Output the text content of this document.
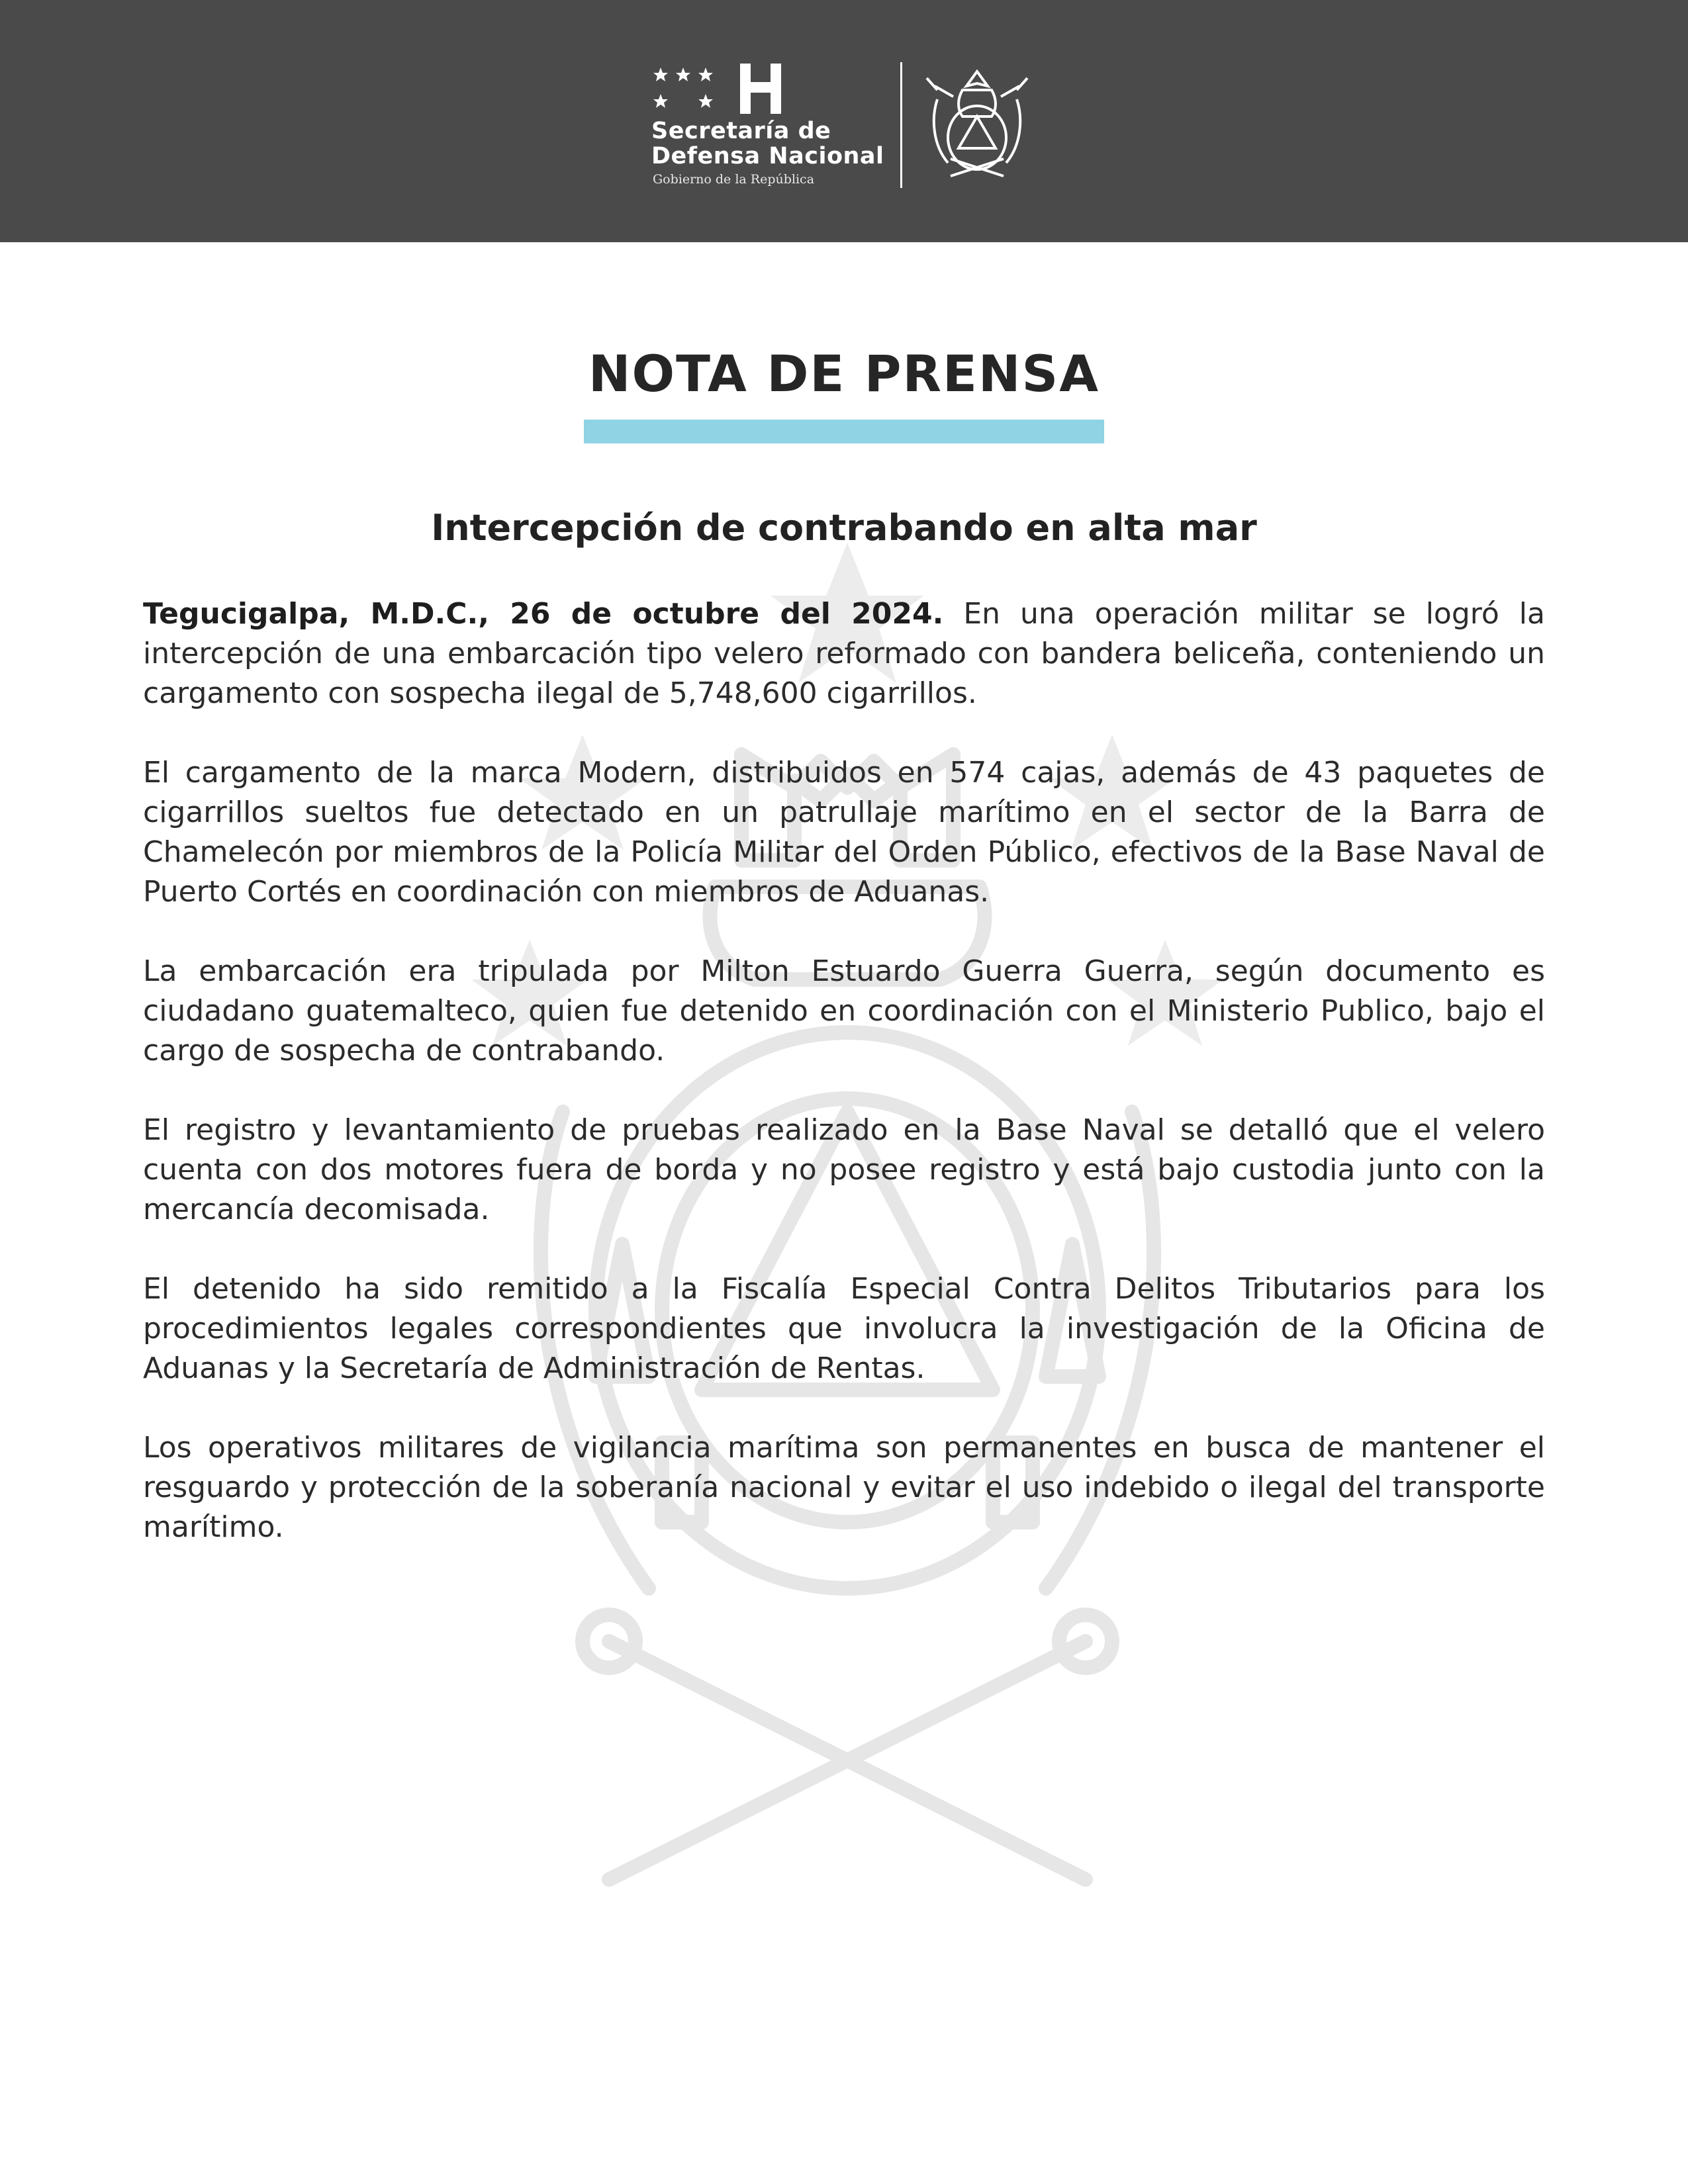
Secretaría de
Defensa Nacional
Gobierno de la República
NOTA DE PRENSA
Intercepción de contrabando en alta mar

Tegucigalpa, M.D.C., 26 de octubre del 2024. En una operación militar se logró la intercepción de una embarcación tipo velero reformado con bandera beliceña, conteniendo un cargamento con sospecha ilegal de 5,748,600 cigarrillos.

El cargamento de la marca Modern, distribuidos en 574 cajas, además de 43 paquetes de cigarrillos sueltos fue detectado en un patrullaje marítimo en el sector de la Barra de Chamelecón por miembros de la Policía Militar del Orden Público, efectivos de la Base Naval de Puerto Cortés en coordinación con miembros de Aduanas.

La embarcación era tripulada por Milton Estuardo Guerra Guerra, según documento es ciudadano guatemalteco, quien fue detenido en coordinación con el Ministerio Publico, bajo el cargo de sospecha de contrabando.

El registro y levantamiento de pruebas realizado en la Base Naval se detalló que el velero cuenta con dos motores fuera de borda y no posee registro y está bajo custodia junto con la mercancía decomisada.

El detenido ha sido remitido a la Fiscalía Especial Contra Delitos Tributarios para los procedimientos legales correspondientes que involucra la investigación de la Oficina de Aduanas y la Secretaría de Administración de Rentas.

Los operativos militares de vigilancia marítima son permanentes en busca de mantener el resguardo y protección de la soberanía nacional y evitar el uso indebido o ilegal del transporte marítimo.
